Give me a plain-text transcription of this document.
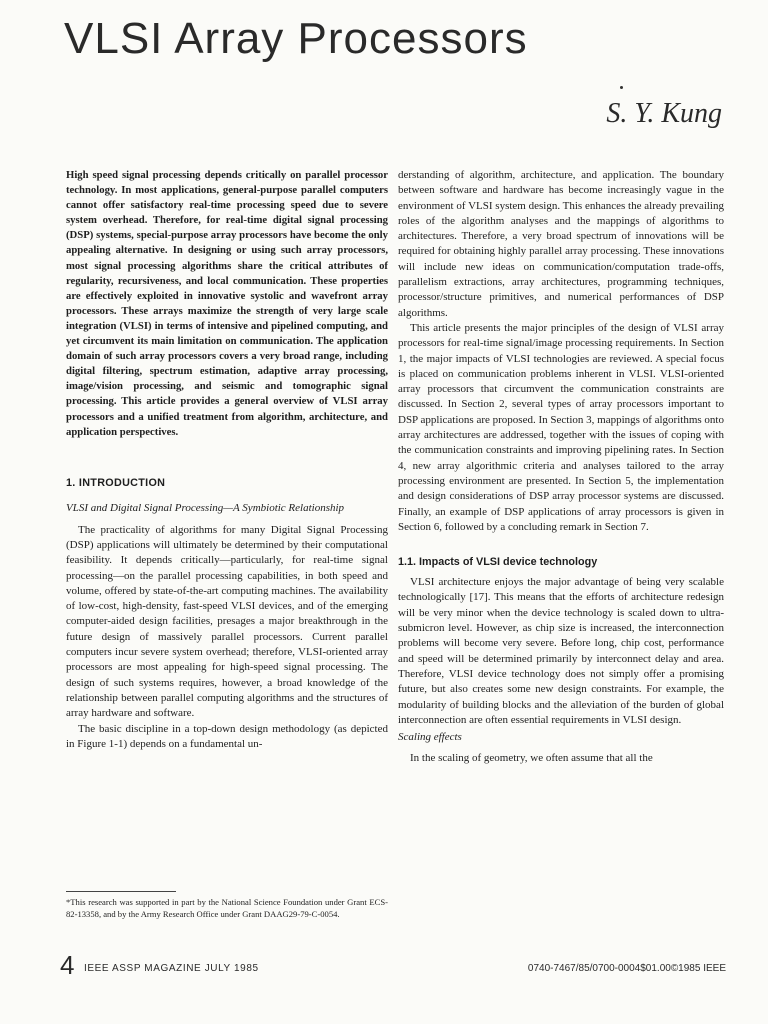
VLSI Array Processors
S. Y. Kung

High speed signal processing depends critically on parallel processor technology. In most applications, general-purpose parallel computers cannot offer satisfactory real-time processing speed due to severe system overhead. Therefore, for real-time digital signal processing (DSP) systems, special-purpose array processors have become the only appealing alternative. In designing or using such array processors, most signal processing algorithms share the critical attributes of regularity, recursiveness, and local communication. These properties are effectively exploited in innovative systolic and wavefront array processors. These arrays maximize the strength of very large scale integration (VLSI) in terms of intensive and pipelined computing, and yet circumvent its main limitation on communication. The application domain of such array processors covers a very broad range, including digital filtering, spectrum estimation, adaptive array processing, image/vision processing, and seismic and tomographic signal processing. This article provides a general overview of VLSI array processors and a unified treatment from algorithm, architecture, and application perspectives.

1. INTRODUCTION
VLSI and Digital Signal Processing—A Symbiotic Relationship

The practicality of algorithms for many Digital Signal Processing (DSP) applications will ultimately be determined by their computational feasibility. It depends critically—particularly, for real-time signal processing—on the parallel processing capabilities, in both speed and volume, offered by state-of-the-art computing machines. The availability of low-cost, high-density, fast-speed VLSI devices, and of the emerging computer-aided design facilities, presages a major breakthrough in the future design of massively parallel processors. Current parallel computers incur severe system overhead; therefore, VLSI-oriented array processors are most appealing for high-speed signal processing. The design of such systems requires, however, a broad knowledge of the relationship between parallel computing algorithms and the structures of array hardware and software.

The basic discipline in a top-down design methodology (as depicted in Figure 1-1) depends on a fundamental un-

derstanding of algorithm, architecture, and application. The boundary between software and hardware has become increasingly vague in the environment of VLSI system design. This enhances the already prevailing roles of the algorithm analyses and the mappings of algorithms to architectures. Therefore, a very broad spectrum of innovations will be required for obtaining highly parallel array processing. These innovations will include new ideas on communication/computation trade-offs, parallelism extractions, array architectures, programming techniques, processor/structure primitives, and numerical performances of DSP algorithms.

This article presents the major principles of the design of VLSI array processors for real-time signal/image processing requirements. In Section 1, the major impacts of VLSI technologies are reviewed. A special focus is placed on communication problems inherent in VLSI. VLSI-oriented array processors that circumvent the communication constraints are discussed. In Section 2, several types of array processors important to DSP applications are proposed. In Section 3, mappings of algorithms onto array architectures are addressed, together with the issues of coping with the communication constraints and improving pipelining rates. In Section 4, new array algorithmic criteria and analyses tailored to the array processing environment are presented. In Section 5, the implementation and design considerations of DSP array processor systems are discussed. Finally, an example of DSP applications of array processors is given in Section 6, followed by a concluding remark in Section 7.

1.1. Impacts of VLSI device technology

VLSI architecture enjoys the major advantage of being very scalable technologically [17]. This means that the efforts of architecture redesign will be very minor when the device technology is scaled down to ultra-submicron level. However, as chip size is increased, the interconnection problems will become very severe. Before long, chip cost, performance and speed will be determined primarily by interconnect delay and area. Therefore, VLSI device technology does not simply offer a promising future, but also creates some new design constraints. For example, the modularity of building blocks and the alleviation of the burden of global interconnection are often essential requirements in VLSI design.

Scaling effects

In the scaling of geometry, we often assume that all the

*This research was supported in part by the National Science Foundation under Grant ECS-82-13358, and by the Army Research Office under Grant DAAG29-79-C-0054.

4 IEEE ASSP MAGAZINE JULY 1985	0740-7467/85/0700-0004$01.00©1985 IEEE
